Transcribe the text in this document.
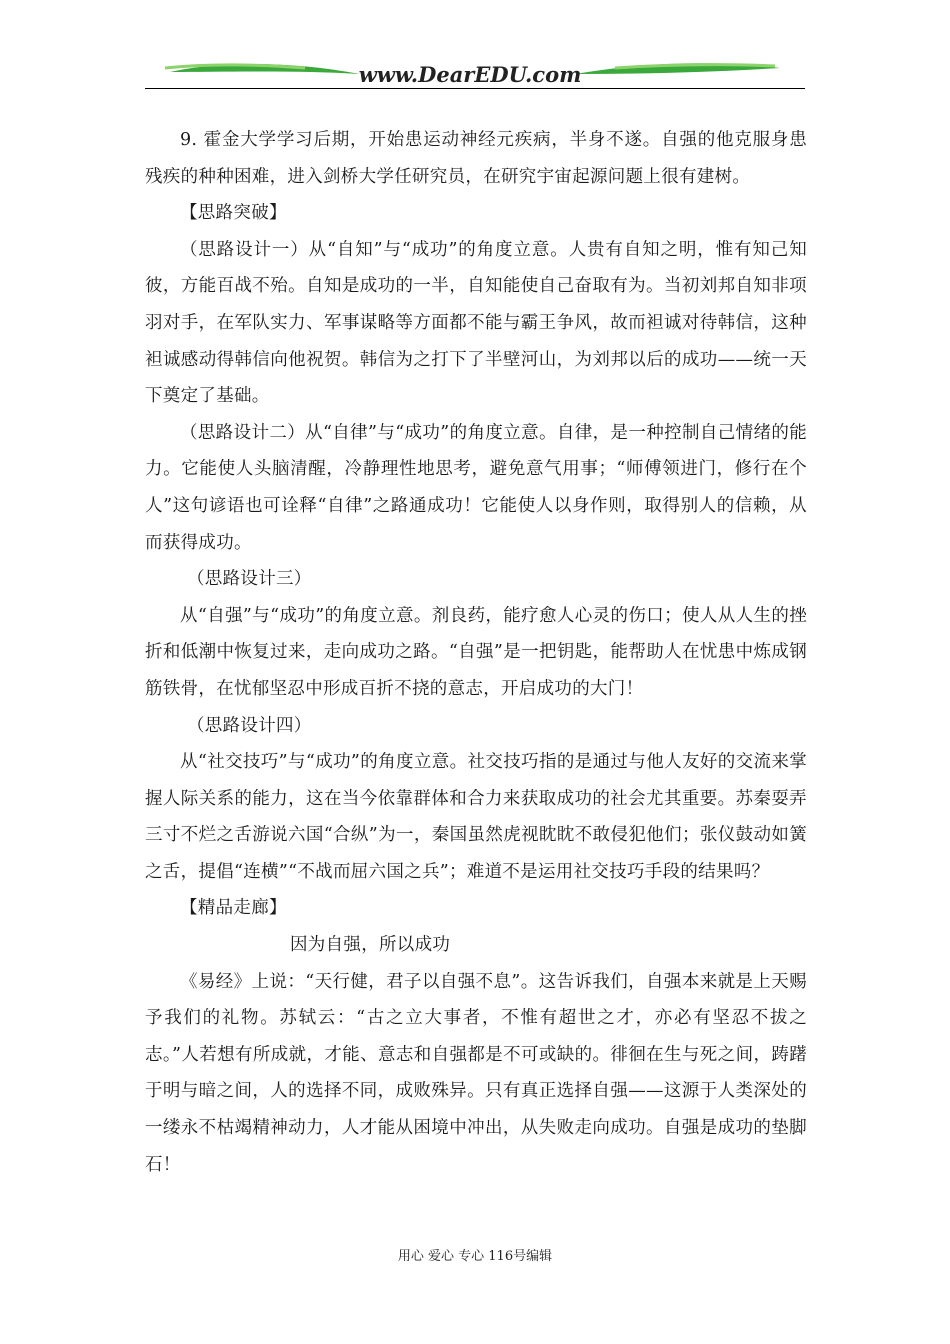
www.DearEDU.com

9. 霍金大学学习后期，开始患运动神经元疾病，半身不遂。自强的他克服身患残疾的种种困难，进入剑桥大学任研究员，在研究宇宙起源问题上很有建树。

【思路突破】

（思路设计一）从“自知”与“成功”的角度立意。人贵有自知之明，惟有知己知彼，方能百战不殆。自知是成功的一半，自知能使自己奋取有为。当初刘邦自知非项羽对手，在军队实力、军事谋略等方面都不能与霸王争风，故而袒诚对待韩信，这种袒诚感动得韩信向他祝贺。韩信为之打下了半壁河山，为刘邦以后的成功——统一天下奠定了基础。

（思路设计二）从“自律”与“成功”的角度立意。自律，是一种控制自己情绪的能力。它能使人头脑清醒，冷静理性地思考，避免意气用事；“师傅领进门，修行在个人”这句谚语也可诠释“自律”之路通成功！它能使人以身作则，取得别人的信赖，从而获得成功。

（思路设计三）

从“自强”与“成功”的角度立意。剂良药，能疗愈人心灵的伤口；使人从人生的挫折和低潮中恢复过来，走向成功之路。“自强”是一把钥匙，能帮助人在忧患中炼成钢筋铁骨，在忧郁坚忍中形成百折不挠的意志，开启成功的大门！

（思路设计四）

从“社交技巧”与“成功”的角度立意。社交技巧指的是通过与他人友好的交流来掌握人际关系的能力，这在当今依靠群体和合力来获取成功的社会尤其重要。苏秦耍弄三寸不烂之舌游说六国“合纵”为一，秦国虽然虎视眈眈不敢侵犯他们；张仪鼓动如簧之舌，提倡“连横”“不战而屈六国之兵”；难道不是运用社交技巧手段的结果吗？

【精品走廊】

因为自强，所以成功

《易经》上说：“天行健，君子以自强不息”。这告诉我们，自强本来就是上天赐予我们的礼物。苏轼云：“古之立大事者，不惟有超世之才，亦必有坚忍不拔之志。”人若想有所成就，才能、意志和自强都是不可或缺的。徘徊在生与死之间，踌躇于明与暗之间，人的选择不同，成败殊异。只有真正选择自强——这源于人类深处的一缕永不枯竭精神动力，人才能从困境中冲出，从失败走向成功。自强是成功的垫脚石！

用心 爱心 专心 116号编辑
